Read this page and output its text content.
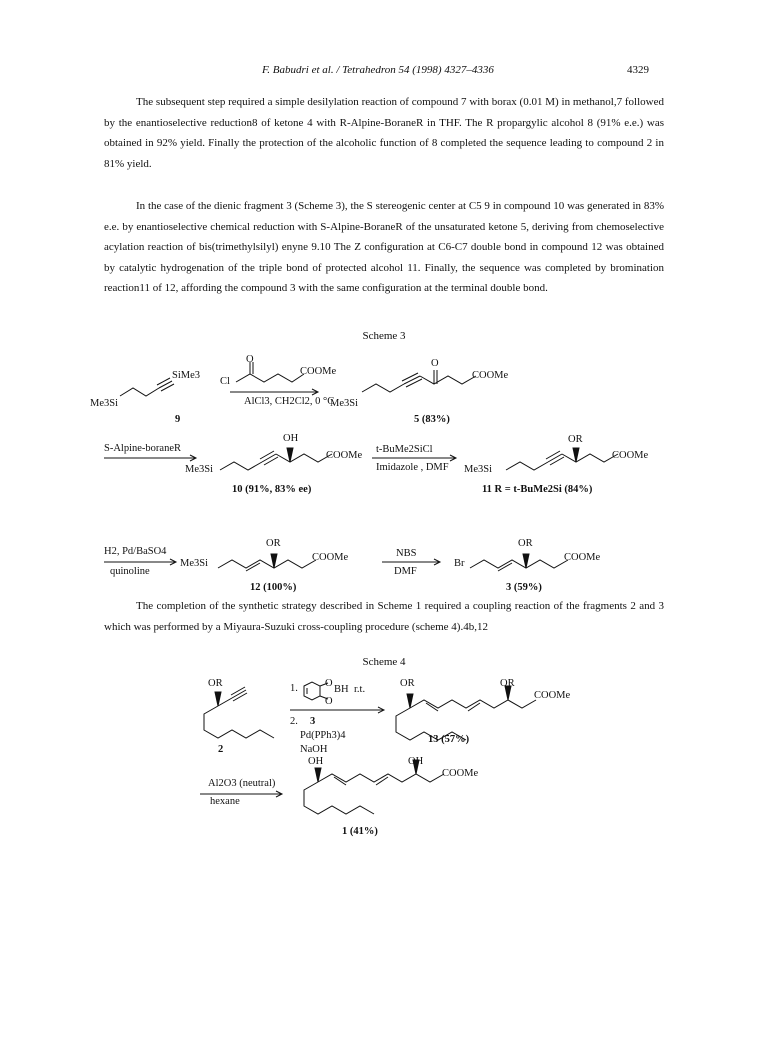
F. Babudri et al. / Tetrahedron 54 (1998) 4327–4336	4329

The subsequent step required a simple desilylation reaction of compound 7 with borax (0.01 M) in methanol,7 followed by the enantioselective reduction8 of ketone 4 with R-Alpine-BoraneR in THF. The R propargylic alcohol 8 (91% e.e.) was obtained in 92% yield. Finally the protection of the alcoholic function of 8 completed the sequence leading to compound 2 in 81% yield.

In the case of the dienic fragment 3 (Scheme 3), the S stereogenic center at C5 9 in compound 10 was generated in 83% e.e. by enantioselective chemical reduction with S-Alpine-BoraneR of the unsaturated ketone 5, deriving from chemoselective acylation reaction of bis(trimethylsilyl) enyne 9.10 The Z configuration at C6-C7 double bond in compound 12 was obtained by catalytic hydrogenation of the triple bond of protected alcohol 11. Finally, the sequence was completed by bromination reaction11 of 12, affording the compound 3 with the same configuration at the terminal double bond.

Scheme 3
Me3Si
SiMe3
Cl
O
COOMe
AlCl3, CH2Cl2, 0 °C
Me3Si
O
COOMe
9	5 (83%)
S-Alpine-boraneR
OH
COOMe
Me3Si
t-BuMe2SiCl
Imidazole , DMF Me3Si
OR
COOMe
10 (91%, 83% ee)	11 R = t-BuMe2Si (84%)
H2, Pd/BaSO4
quinoline
Me3Si
OR
COOMe	NBS
DMF
Br
OR
COOMe
12 (100%)	3 (59%)

The completion of the synthetic strategy described in Scheme 1 required a coupling reaction of the fragments 2 and 3 which was performed by a Miyaura-Suzuki cross-coupling procedure (scheme 4).4b,12

Scheme 4
OR
2
1.	O
O
BH r.t.
2. 3
Pd(PPh3)4
NaOH
OR	OR
COOMe
13 (57%)
Al2O3 (neutral)
hexane
OH	OH
COOMe
1 (41%)
